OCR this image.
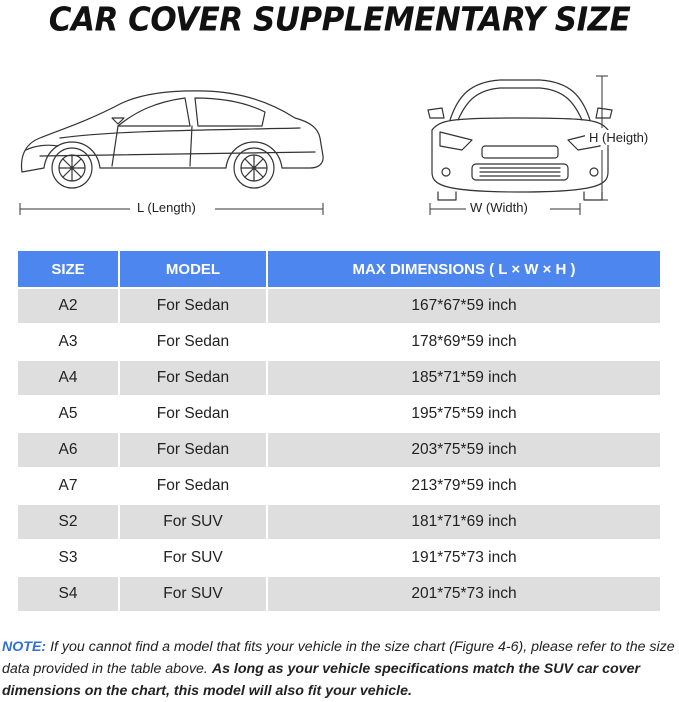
CAR COVER SUPPLEMENTARY SIZE
L (Length)	W (Width)
H (Heigth)
SIZE	MODEL	MAX DIMENSIONS ( L × W × H )
A2	For Sedan	167*67*59 inch
A3	For Sedan	178*69*59 inch
A4	For Sedan	185*71*59 inch
A5	For Sedan	195*75*59 inch
A6	For Sedan	203*75*59 inch
A7	For Sedan	213*79*59 inch
S2	For SUV	181*71*69 inch
S3	For SUV	191*75*73 inch
S4	For SUV	201*75*73 inch
NOTE: If you cannot find a model that fits your vehicle in the size chart (Figure 4-6), please refer to the size data provided in the table above. As long as your vehicle specifications match the SUV car cover dimensions on the chart, this model will also fit your vehicle.
